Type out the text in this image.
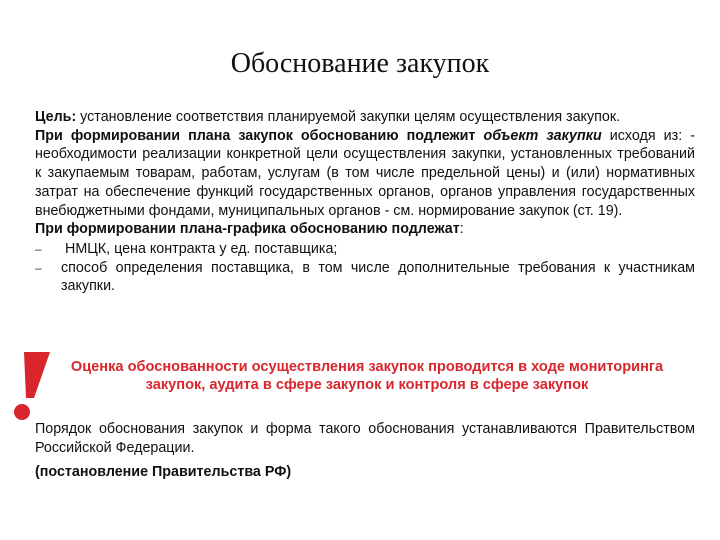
Обоснование закупок
Цель: установление соответствия планируемой закупки целям осуществления закупок.
При формировании плана закупок обоснованию подлежит объект закупки исходя из: - необходимости реализации конкретной цели осуществления закупки, установленных требований к закупаемым товарам, работам, услугам (в том числе предельной цены) и (или) нормативных затрат на обеспечение функций государственных органов, органов управления государственных внебюджетными фондами, муниципальных органов - см. нормирование закупок (ст. 19).
При формировании плана-графика обоснованию подлежат:
– НМЦК, цена контракта у ед. поставщика;
– способ определения поставщика, в том числе дополнительные требования к участникам закупки.
Оценка обоснованности осуществления закупок проводится в ходе мониторинга закупок, аудита в сфере закупок и контроля в сфере закупок
Порядок обоснования закупок и форма такого обоснования устанавливаются Правительством Российской Федерации.
(постановление Правительства РФ)
